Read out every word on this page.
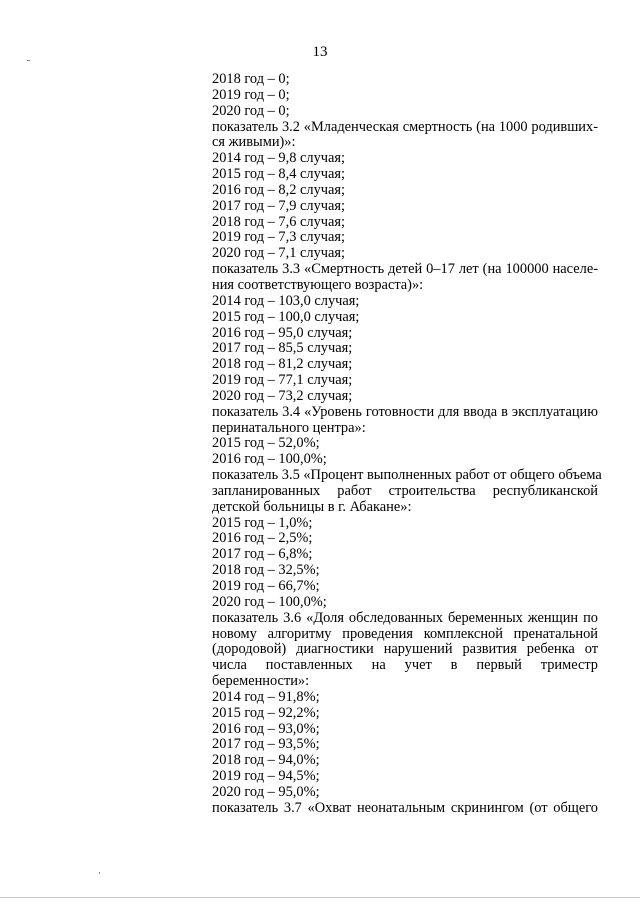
13
2018 год – 0;
2019 год – 0;
2020 год – 0;
показатель 3.2 «Младенческая смертность (на 1000 родивших-
ся живыми)»:
2014 год – 9,8 случая;
2015 год – 8,4 случая;
2016 год – 8,2 случая;
2017 год – 7,9 случая;
2018 год – 7,6 случая;
2019 год – 7,3 случая;
2020 год – 7,1 случая;
показатель 3.3 «Смертность детей 0–17 лет (на 100000 населе-
ния соответствующего возраста)»:
2014 год – 103,0 случая;
2015 год – 100,0 случая;
2016 год – 95,0 случая;
2017 год – 85,5 случая;
2018 год – 81,2 случая;
2019 год – 77,1 случая;
2020 год – 73,2 случая;
показатель 3.4 «Уровень готовности для ввода в эксплуатацию
перинатального центра»:
2015 год – 52,0%;
2016 год – 100,0%;
показатель 3.5 «Процент выполненных работ от общего объема
запланированных работ строительства республиканской
детской больницы в г. Абакане»:
2015 год – 1,0%;
2016 год – 2,5%;
2017 год – 6,8%;
2018 год – 32,5%;
2019 год – 66,7%;
2020 год – 100,0%;
показатель 3.6 «Доля обследованных беременных женщин по
новому алгоритму проведения комплексной пренатальной
(дородовой) диагностики нарушений развития ребенка от
числа поставленных на учет в первый триместр
беременности»:
2014 год – 91,8%;
2015 год – 92,2%;
2016 год – 93,0%;
2017 год – 93,5%;
2018 год – 94,0%;
2019 год – 94,5%;
2020 год – 95,0%;
показатель 3.7 «Охват неонатальным скринингом (от общего
